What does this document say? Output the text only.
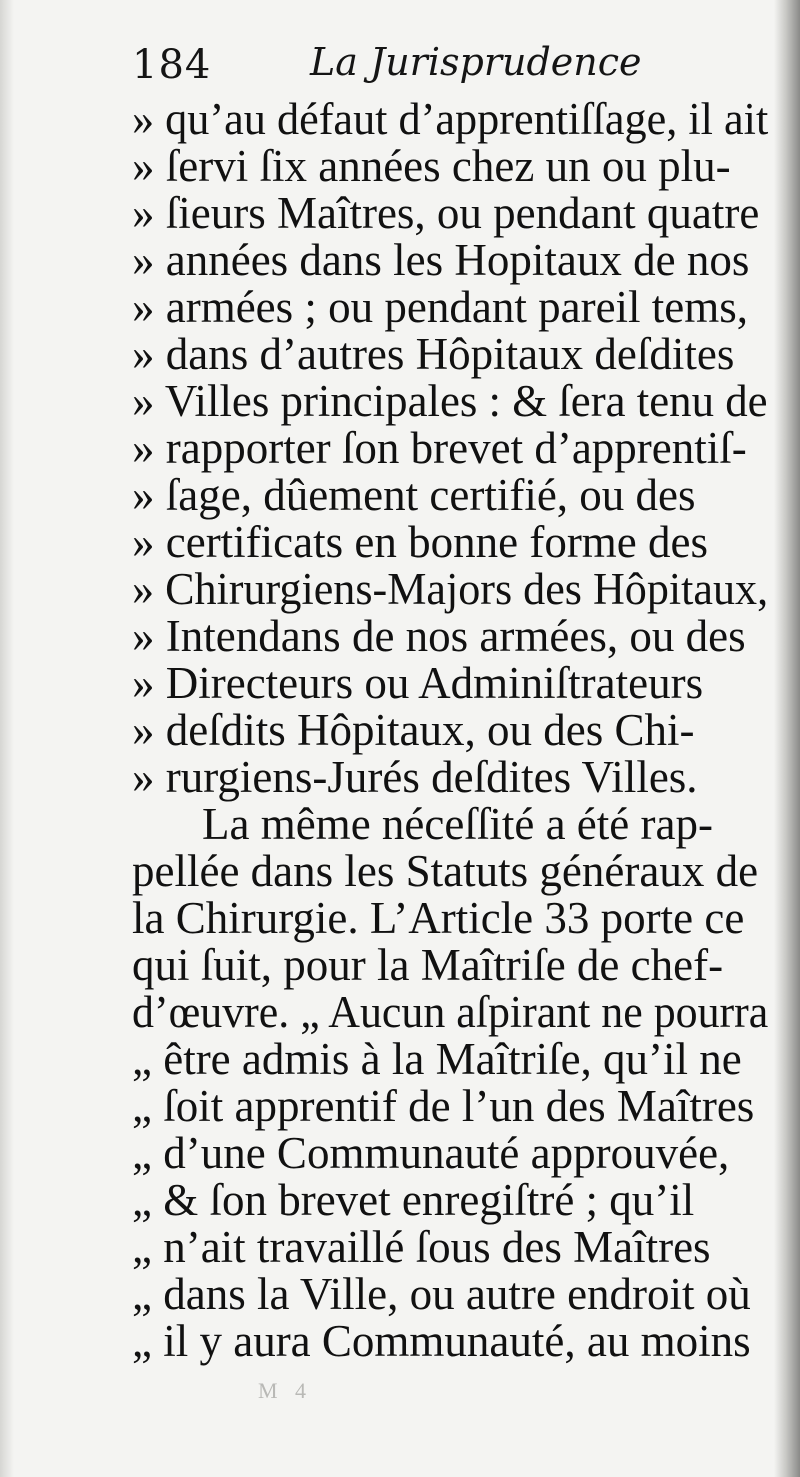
184	La Jurisprudence
» qu’au défaut d’apprentiſſage, il ait
» ſervi ſix années chez un ou plu-
» ſieurs Maîtres, ou pendant quatre
» années dans les Hopitaux de nos
» armées ; ou pendant pareil tems,
» dans d’autres Hôpitaux deſdites
» Villes principales : & ſera tenu de
» rapporter ſon brevet d’apprentiſ-
» ſage, dûement certifié, ou des
» certificats en bonne forme des
» Chirurgiens-Majors des Hôpitaux,
» Intendans de nos armées, ou des
» Directeurs ou Adminiſtrateurs
» deſdits Hôpitaux, ou des Chi-
» rurgiens-Jurés deſdites Villes.
La même néceſſité a été rap-
pellée dans les Statuts généraux de
la Chirurgie. L’Article 33 porte ce
qui ſuit, pour la Maîtriſe de chef-
d’œuvre. „ Aucun aſpirant ne pourra
„ être admis à la Maîtriſe, qu’il ne
„ ſoit apprentif de l’un des Maîtres
„ d’une Communauté approuvée,
„ & ſon brevet enregiſtré ; qu’il
„ n’ait travaillé ſous des Maîtres
„ dans la Ville, ou autre endroit où
„ il y aura Communauté, au moins
M 4
